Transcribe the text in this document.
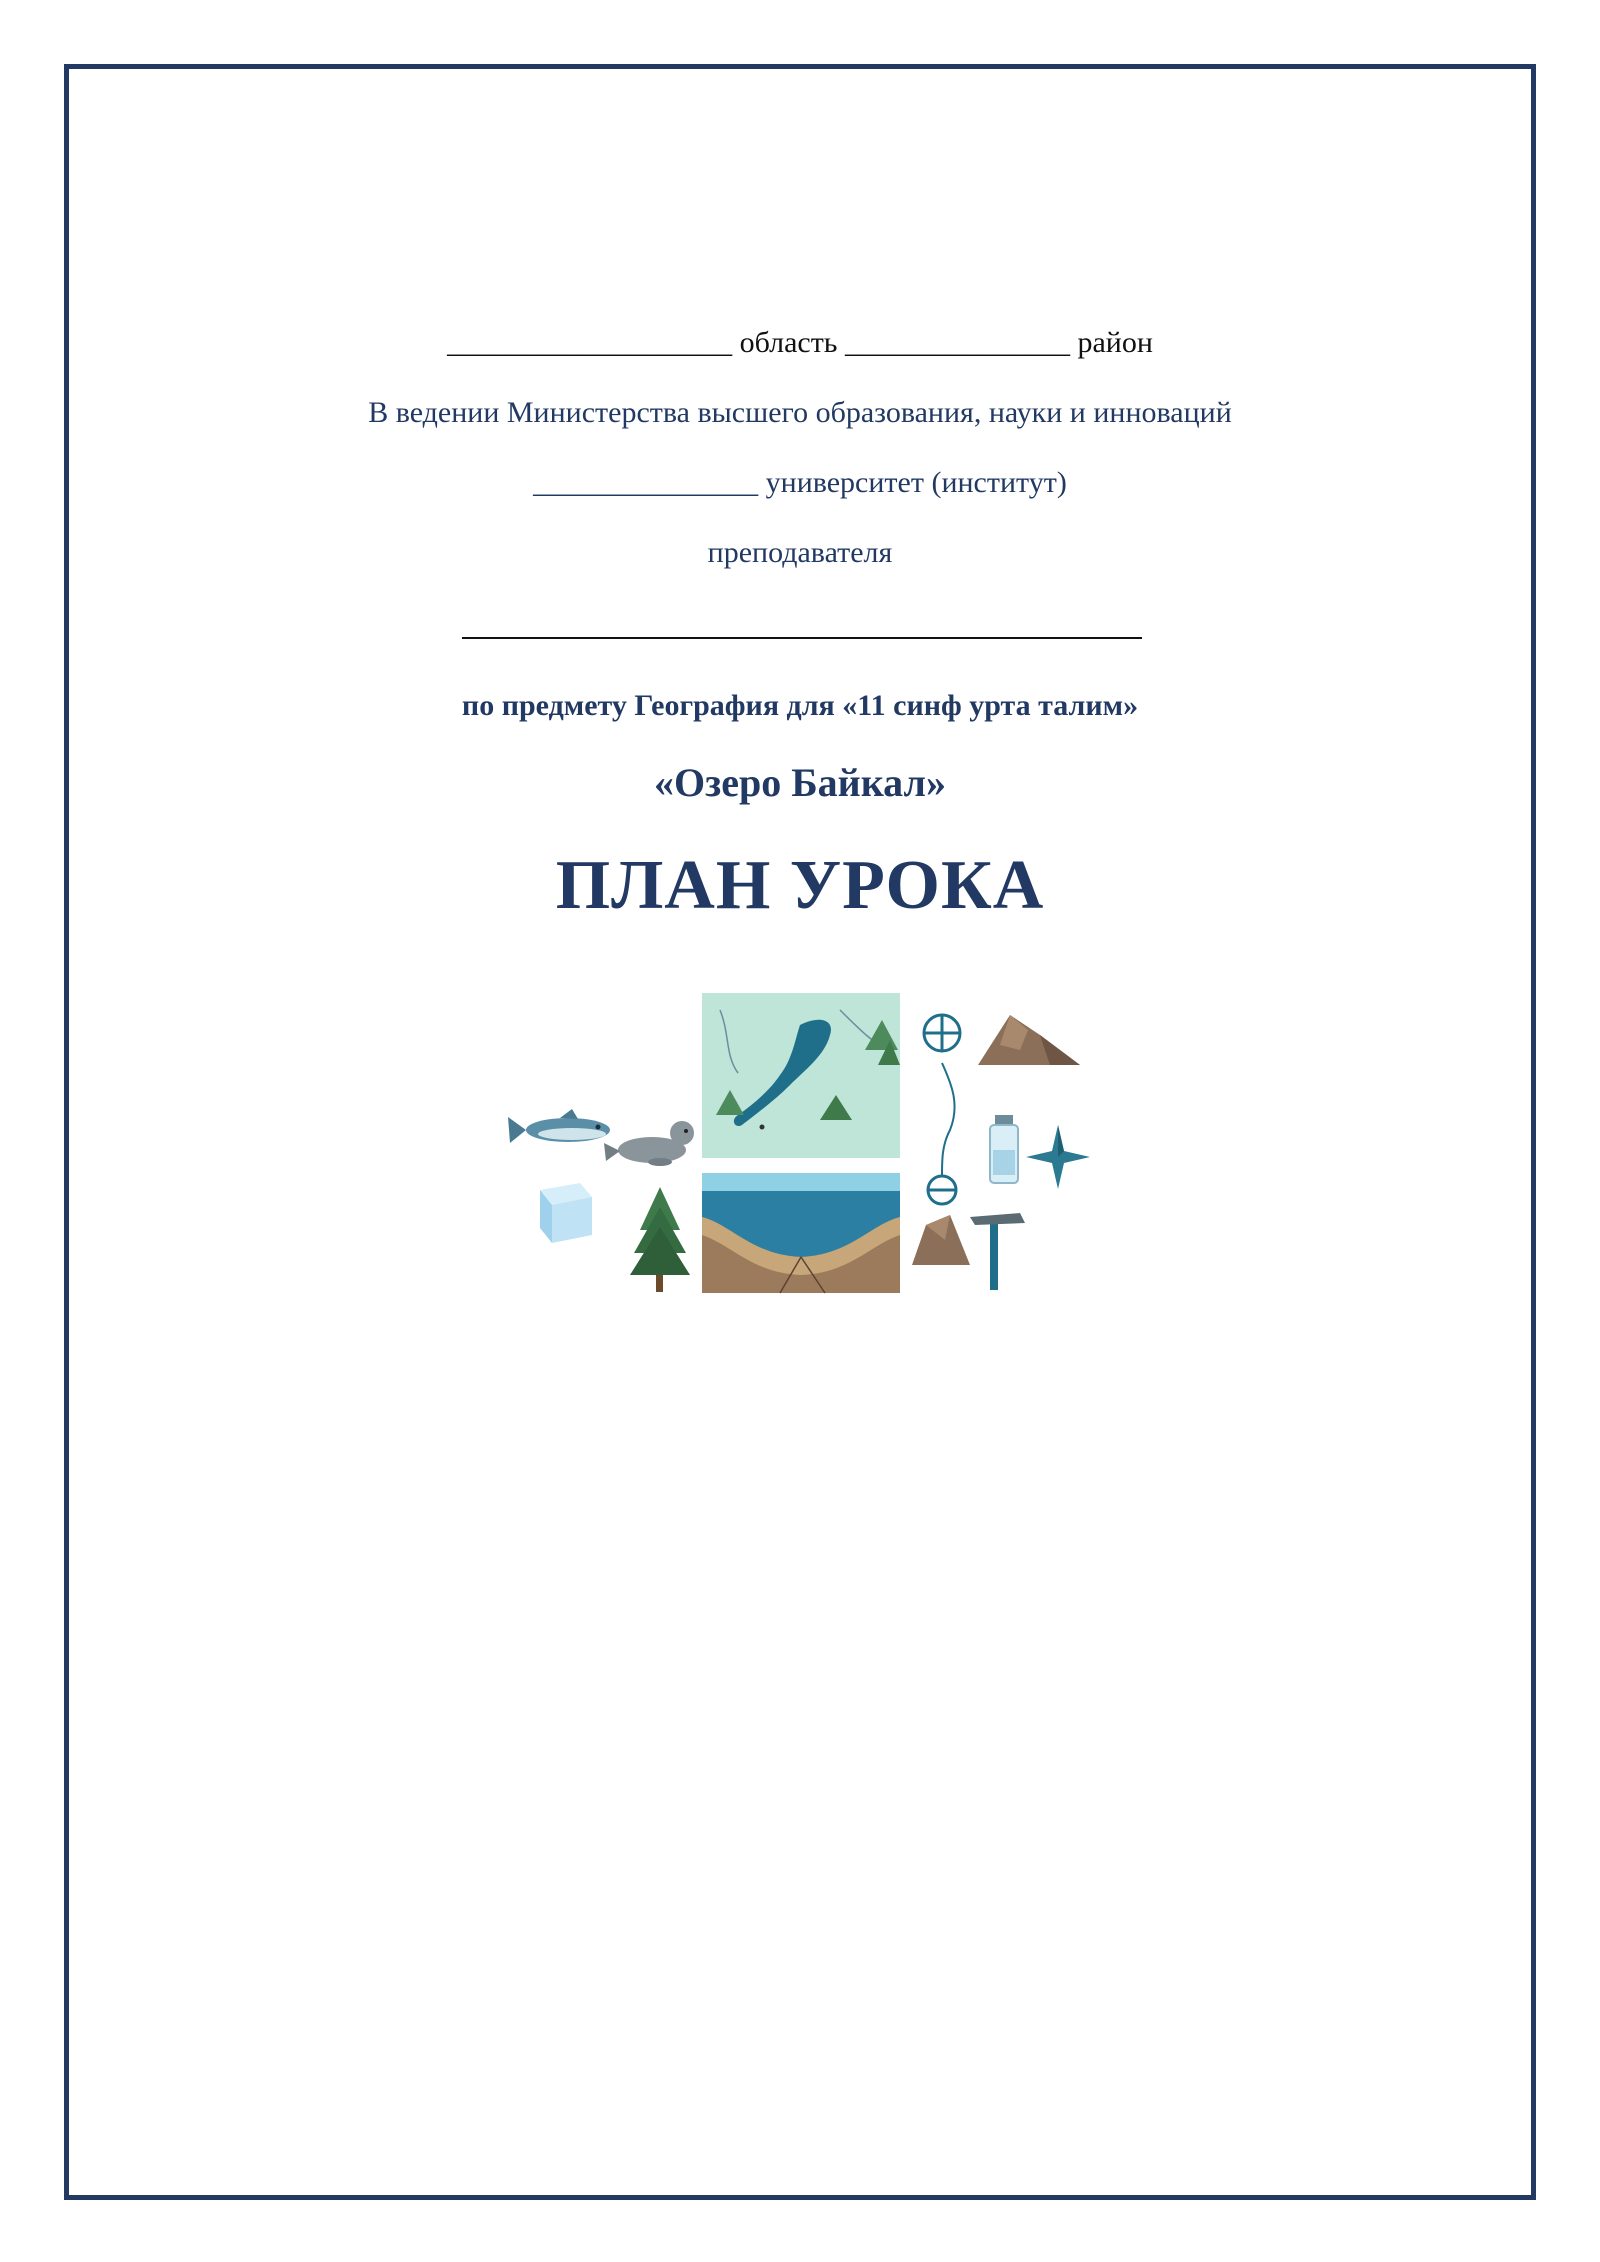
___________________ область _______________ район
В ведении Министерства высшего образования, науки и инноваций
_______________ университет (институт)
преподавателя
по предмету География для «11 синф урта талим»
«Озеро Байкал»
ПЛАН УРОКА
